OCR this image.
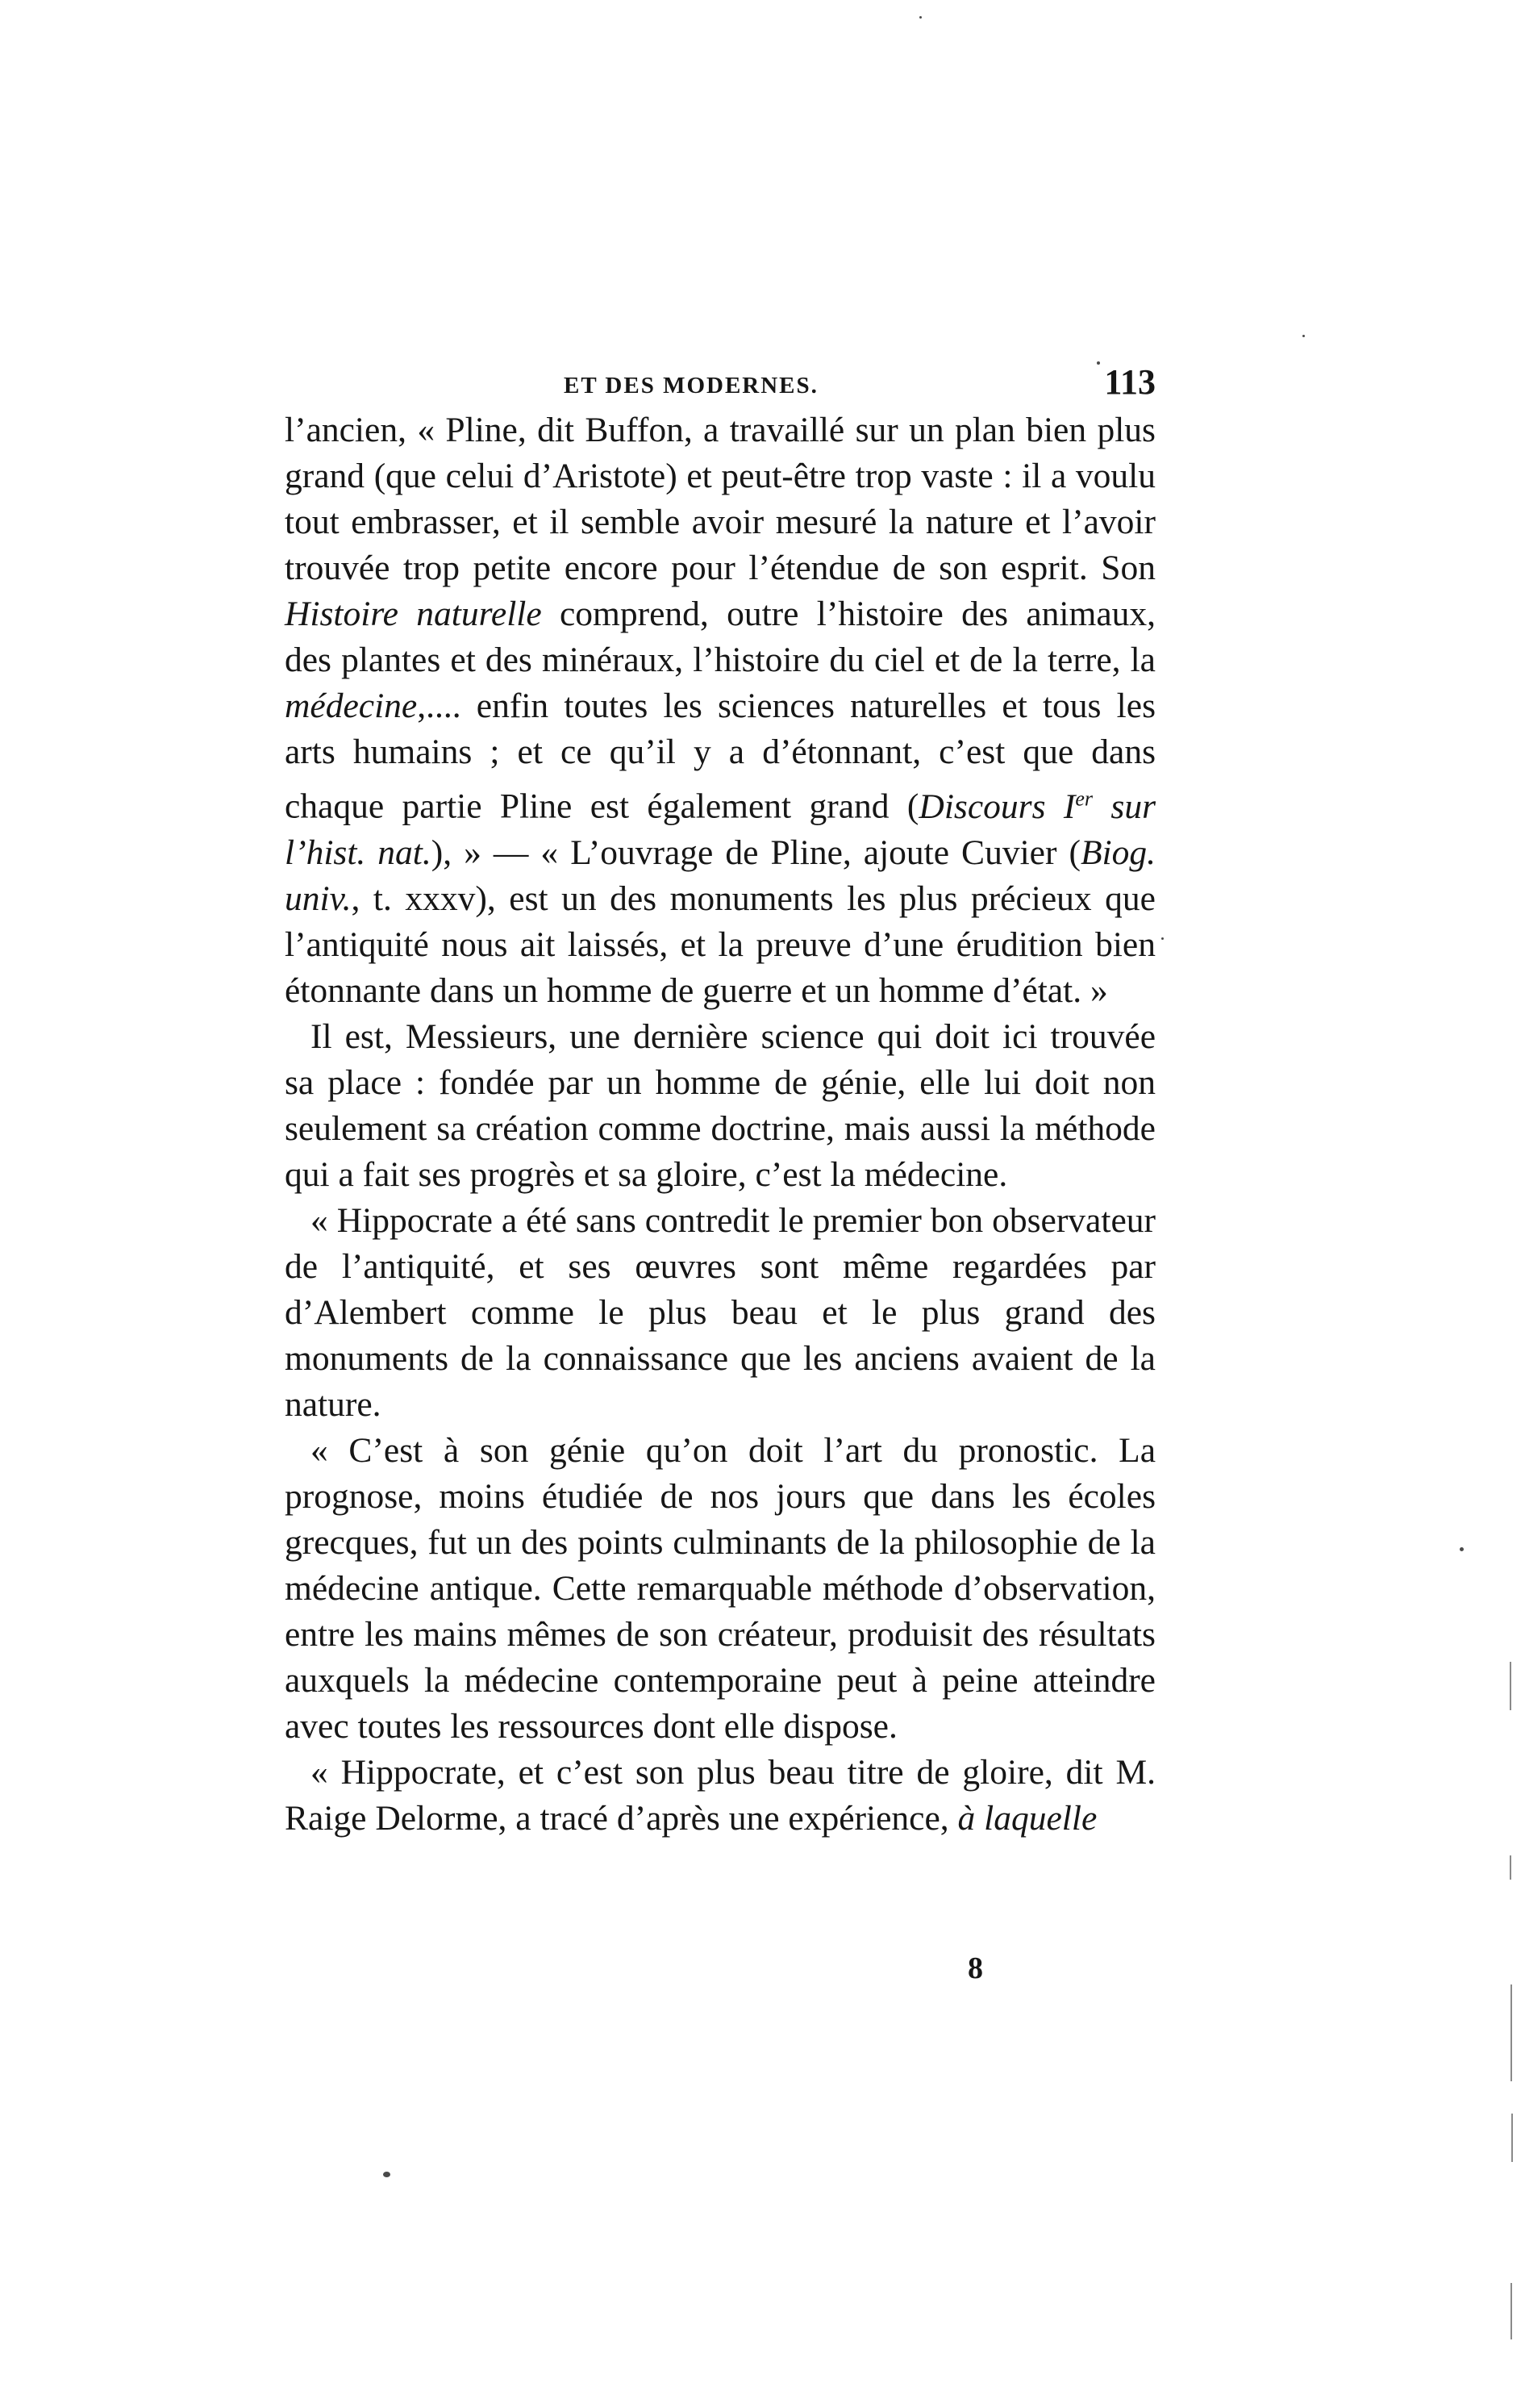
ET DES MODERNES.	113

l’ancien, « Pline, dit Buffon, a travaillé sur un plan bien plus grand (que celui d’Aristote) et peut-être trop vaste : il a voulu tout embrasser, et il semble avoir mesuré la nature et l’avoir trouvée trop petite encore pour l’étendue de son esprit. Son Histoire naturelle comprend, outre l’histoire des animaux, des plantes et des minéraux, l’histoire du ciel et de la terre, la médecine,.... enfin toutes les sciences naturelles et tous les arts humains ; et ce qu’il y a d’étonnant, c’est que dans chaque partie Pline est également grand (Discours Ier sur l’hist. nat.), » — « L’ouvrage de Pline, ajoute Cuvier (Biog. univ., t. xxxv), est un des monuments les plus précieux que l’antiquité nous ait laissés, et la preuve d’une érudition bien étonnante dans un homme de guerre et un homme d’état. »

Il est, Messieurs, une dernière science qui doit ici trouvée sa place : fondée par un homme de génie, elle lui doit non seulement sa création comme doctrine, mais aussi la méthode qui a fait ses progrès et sa gloire, c’est la médecine.

« Hippocrate a été sans contredit le premier bon observateur de l’antiquité, et ses œuvres sont même regardées par d’Alembert comme le plus beau et le plus grand des monuments de la connaissance que les anciens avaient de la nature.

« C’est à son génie qu’on doit l’art du pronostic. La prognose, moins étudiée de nos jours que dans les écoles grecques, fut un des points culminants de la philosophie de la médecine antique. Cette remarquable méthode d’observation, entre les mains mêmes de son créateur, produisit des résultats auxquels la médecine contemporaine peut à peine atteindre avec toutes les ressources dont elle dispose.

« Hippocrate, et c’est son plus beau titre de gloire, dit M. Raige Delorme, a tracé d’après une expérience, à laquelle

8
